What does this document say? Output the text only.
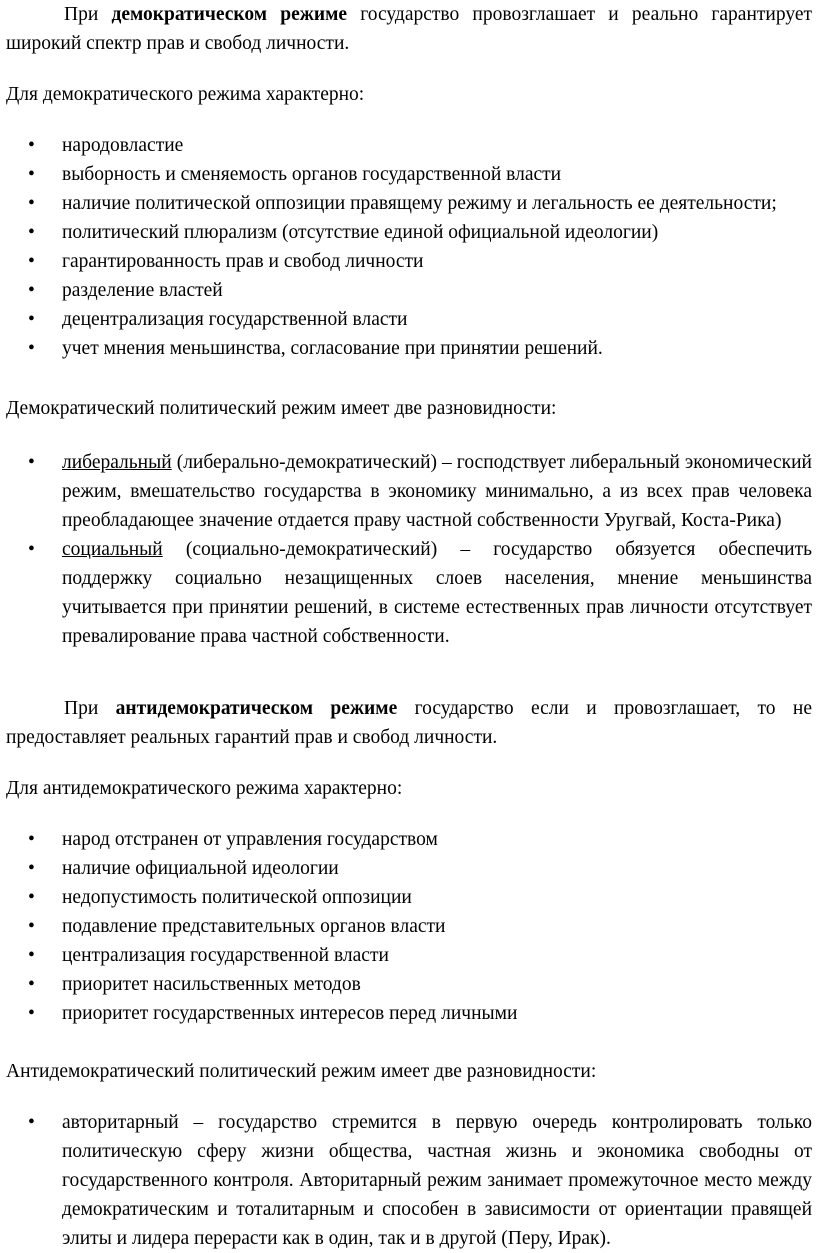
При демократическом режиме государство провозглашает и реально гарантирует широкий спектр прав и свобод личности.

Для демократического режима характерно:

• народовластие
• выборность и сменяемость органов государственной власти
• наличие политической оппозиции правящему режиму и легальность ее деятельности;
• политический плюрализм (отсутствие единой официальной идеологии)
• гарантированность прав и свобод личности
• разделение властей
• децентрализация государственной власти
• учет мнения меньшинства, согласование при принятии решений.

Демократический политический режим имеет две разновидности:

• либеральный (либерально-демократический) – господствует либеральный экономический режим, вмешательство государства в экономику минимально, а из всех прав человека преобладающее значение отдается праву частной собственности Уругвай, Коста-Рика)
• социальный (социально-демократический) – государство обязуется обеспечить поддержку социально незащищенных слоев населения, мнение меньшинства учитывается при принятии решений, в системе естественных прав личности отсутствует превалирование права частной собственности.

При антидемократическом режиме государство если и провозглашает, то не предоставляет реальных гарантий прав и свобод личности.

Для антидемократического режима характерно:

• народ отстранен от управления государством
• наличие официальной идеологии
• недопустимость политической оппозиции
• подавление представительных органов власти
• централизация государственной власти
• приоритет насильственных методов
• приоритет государственных интересов перед личными

Антидемократический политический режим имеет две разновидности:

• авторитарный – государство стремится в первую очередь контролировать только политическую сферу жизни общества, частная жизнь и экономика свободны от государственного контроля. Авторитарный режим занимает промежуточное место между демократическим и тоталитарным и способен в зависимости от ориентации правящей элиты и лидера перерасти как в один, так и в другой (Перу, Ирак).
